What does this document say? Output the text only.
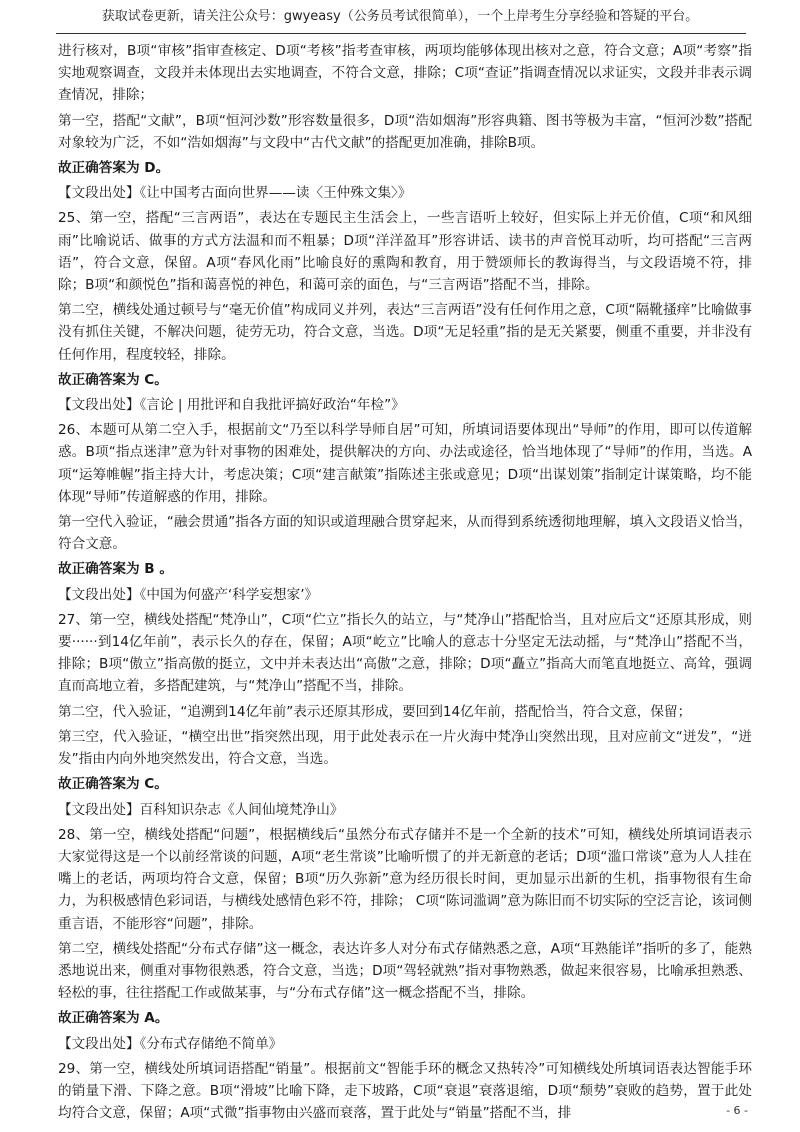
获取试卷更新，请关注公众号：gwyeasy（公务员考试很简单），一个上岸考生分享经验和答疑的平台。

进行核对，B项“审核”指审查核定、D项“考核”指考查审核，两项均能够体现出核对之意，符合文意；A项“考察”指实地观察调查，文段并未体现出去实地调查，不符合文意，排除；C项“查证”指调查情况以求证实，文段并非表示调查情况，排除；

第一空，搭配“文献”，B项“恒河沙数”形容数量很多，D项“浩如烟海”形容典籍、图书等极为丰富，“恒河沙数”搭配对象较为广泛，不如“浩如烟海”与文段中“古代文献”的搭配更加准确，排除B项。

故正确答案为 D。

【文段出处】《让中国考古面向世界——读〈王仲殊文集〉》

25、第一空，搭配“三言两语”，表达在专题民主生活会上，一些言语听上较好，但实际上并无价值，C项“和风细雨”比喻说话、做事的方式方法温和而不粗暴；D项“洋洋盈耳”形容讲话、读书的声音悦耳动听，均可搭配“三言两语”，符合文意，保留。A项“春风化雨”比喻良好的熏陶和教育，用于赞颂师长的教诲得当，与文段语境不符，排除；B项“和颜悦色”指和蔼喜悦的神色，和蔼可亲的面色，与“三言两语”搭配不当，排除。

第二空，横线处通过顿号与“毫无价值”构成同义并列，表达“三言两语”没有任何作用之意，C项“隔靴搔痒”比喻做事没有抓住关键，不解决问题，徒劳无功，符合文意，当选。D项“无足轻重”指的是无关紧要，侧重不重要，并非没有任何作用，程度较轻，排除。

故正确答案为 C。

【文段出处】《言论 | 用批评和自我批评搞好政治“年检”》

26、本题可从第二空入手，根据前文“乃至以科学导师自居”可知，所填词语要体现出“导师”的作用，即可以传道解惑。B项“指点迷津”意为针对事物的困难处，提供解决的方向、办法或途径，恰当地体现了“导师”的作用，当选。A项“运筹帷幄”指主持大计，考虑决策；C项“建言献策”指陈述主张或意见；D项“出谋划策”指制定计谋策略，均不能体现“导师”传道解惑的作用，排除。

第一空代入验证，“融会贯通”指各方面的知识或道理融合贯穿起来，从而得到系统透彻地理解，填入文段语义恰当，符合文意。

故正确答案为 B 。

【文段出处】《中国为何盛产‘科学妄想家’》

27、第一空，横线处搭配“梵净山”，C项“伫立”指长久的站立，与“梵净山”搭配恰当，且对应后文“还原其形成，则要······到14亿年前”，表示长久的存在，保留；A项“屹立”比喻人的意志十分坚定无法动摇，与“梵净山”搭配不当，排除；B项“傲立”指高傲的挺立，文中并未表达出“高傲”之意，排除；D项“矗立”指高大而笔直地挺立、高耸，强调直而高地立着，多搭配建筑，与“梵净山”搭配不当，排除。

第二空，代入验证，“追溯到14亿年前”表示还原其形成，要回到14亿年前，搭配恰当，符合文意，保留；

第三空，代入验证，“横空出世”指突然出现，用于此处表示在一片火海中梵净山突然出现，且对应前文“迸发”，“迸发”指由内向外地突然发出，符合文意，当选。

故正确答案为 C。

【文段出处】百科知识杂志《人间仙境梵净山》

28、第一空，横线处搭配“问题”，根据横线后“虽然分布式存储并不是一个全新的技术”可知，横线处所填词语表示大家觉得这是一个以前经常谈的问题，A项“老生常谈”比喻听惯了的并无新意的老话；D项“滥口常谈”意为人人挂在嘴上的老话，两项均符合文意，保留；B项“历久弥新”意为经历很长时间，更加显示出新的生机，指事物很有生命力，为积极感情色彩词语，与横线处感情色彩不符，排除； C项“陈词滥调”意为陈旧而不切实际的空泛言论，该词侧重言语，不能形容“问题”，排除。

第二空，横线处搭配“分布式存储”这一概念，表达许多人对分布式存储熟悉之意，A项“耳熟能详”指听的多了，能熟悉地说出来，侧重对事物很熟悉，符合文意，当选；D项“驾轻就熟”指对事物熟悉，做起来很容易，比喻承担熟悉、轻松的事，往往搭配工作或做某事，与“分布式存储”这一概念搭配不当，排除。

故正确答案为 A。

【文段出处】《分布式存储绝不简单》

29、第一空，横线处所填词语搭配“销量”。根据前文“智能手环的概念又热转冷”可知横线处所填词语表达智能手环的销量下滑、下降之意。B项“滑坡”比喻下降，走下坡路，C项“衰退”衰落退缩，D项“颓势”衰败的趋势，置于此处均符合文意，保留；A项“式微”指事物由兴盛而衰落，置于此处与“销量”搭配不当，排	- 6 -
